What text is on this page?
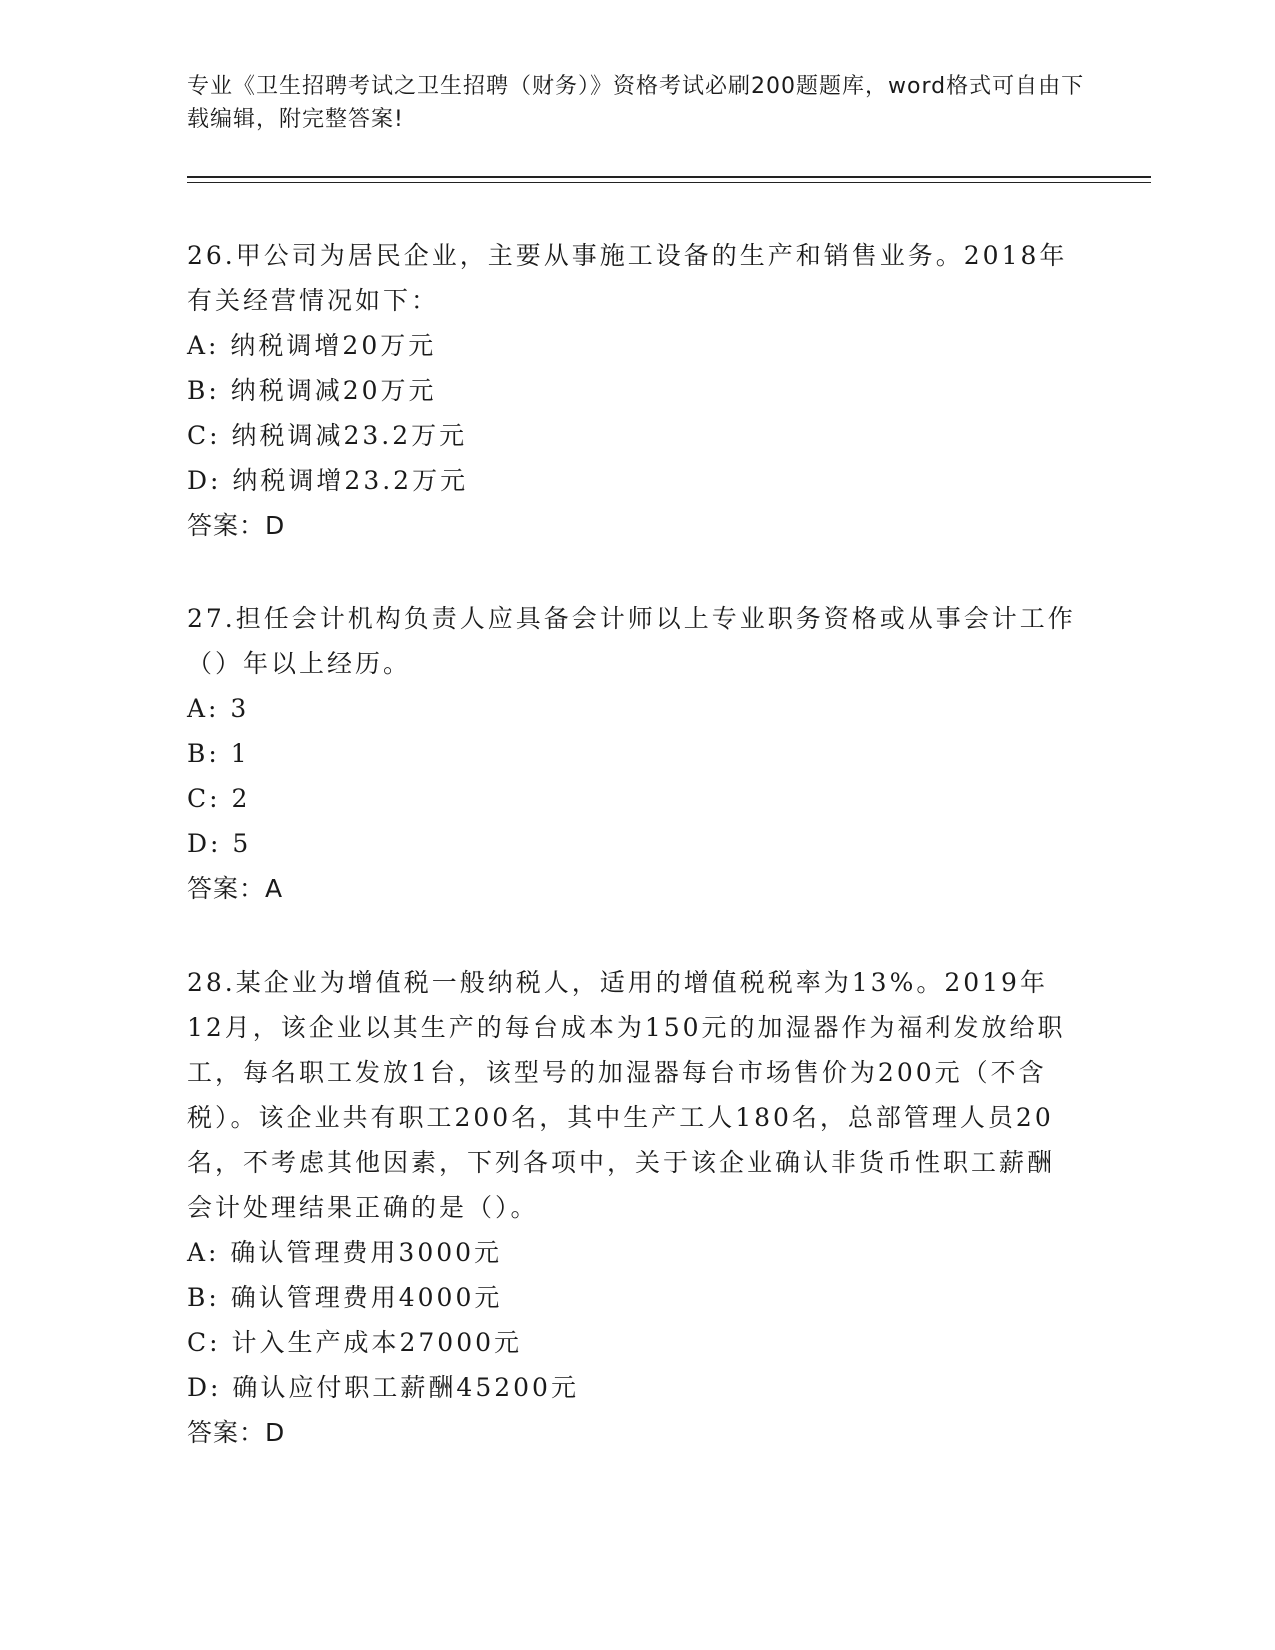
专业《卫生招聘考试之卫生招聘（财务）》资格考试必刷200题题库，word格式可自由下载编辑，附完整答案!

26.甲公司为居民企业，主要从事施工设备的生产和销售业务。2018年有关经营情况如下：

A: 纳税调增20万元

B: 纳税调减20万元

C: 纳税调减23.2万元

D: 纳税调增23.2万元

答案：D

27.担任会计机构负责人应具备会计师以上专业职务资格或从事会计工作（）年以上经历。

A: 3

B: 1

C: 2

D: 5

答案：A

28.某企业为增值税一般纳税人，适用的增值税税率为13%。2019年12月，该企业以其生产的每台成本为150元的加湿器作为福利发放给职工，每名职工发放1台，该型号的加湿器每台市场售价为200元（不含税）。该企业共有职工200名，其中生产工人180名，总部管理人员20名，不考虑其他因素，下列各项中，关于该企业确认非货币性职工薪酬会计处理结果正确的是（）。

A: 确认管理费用3000元

B: 确认管理费用4000元

C: 计入生产成本27000元

D: 确认应付职工薪酬45200元

答案：D
